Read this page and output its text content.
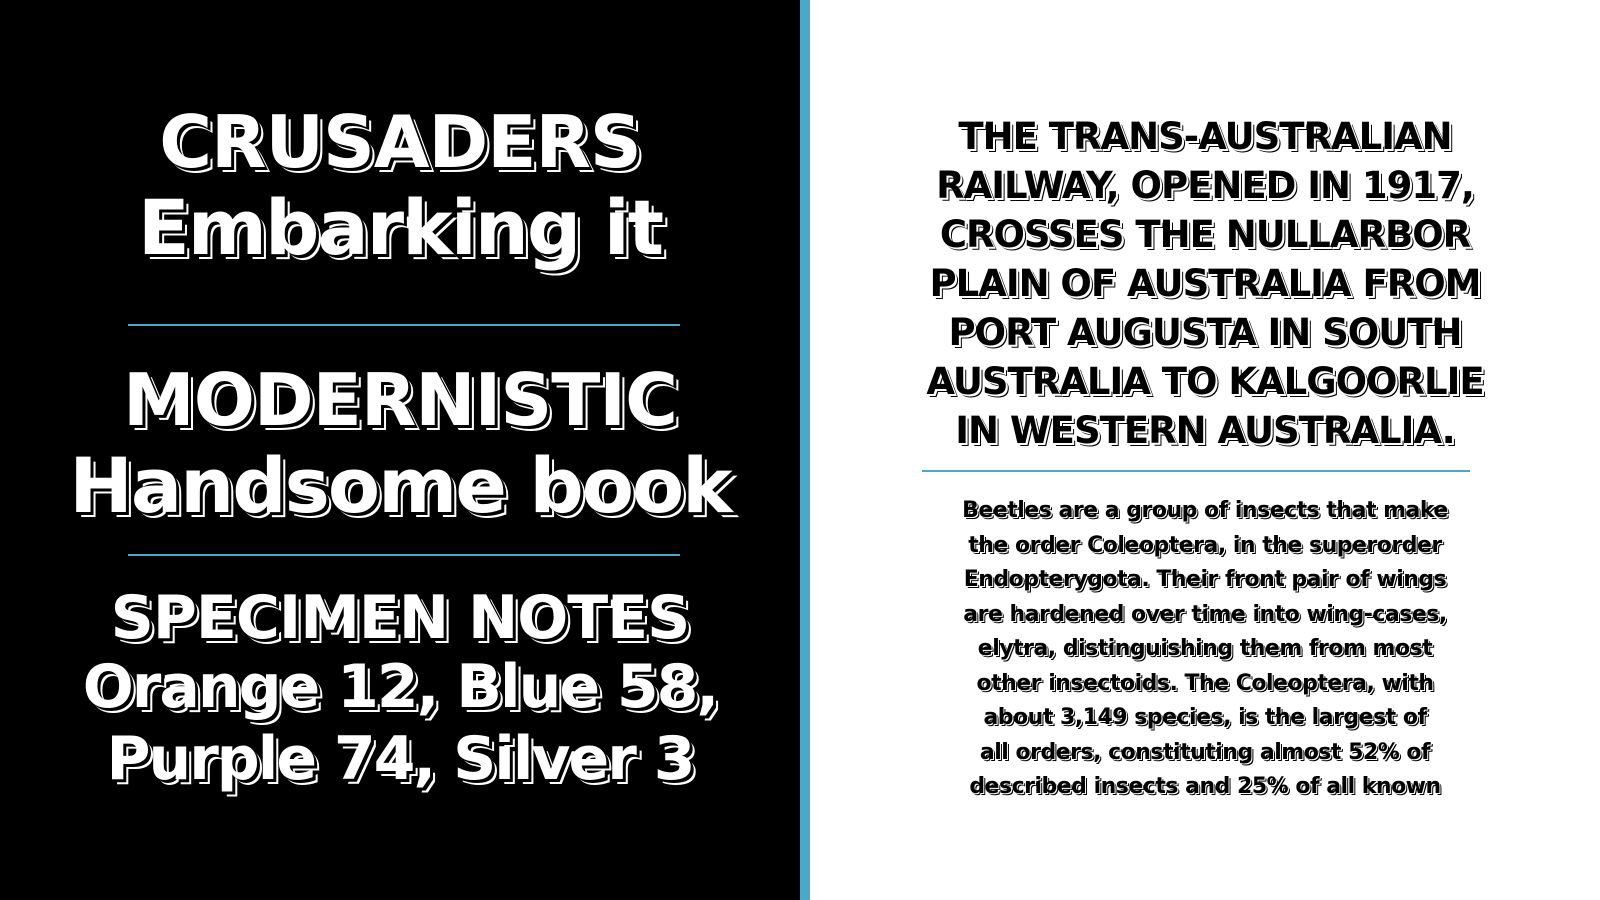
CRUSADERS
Embarking it
MODERNISTIC
Handsome book
SPECIMEN NOTES
Orange 12, Blue 58,
Purple 74, Silver 3
THE TRANS-AUSTRALIAN
RAILWAY, OPENED IN 1917,
CROSSES THE NULLARBOR
PLAIN OF AUSTRALIA FROM
PORT AUGUSTA IN SOUTH
AUSTRALIA TO KALGOORLIE
IN WESTERN AUSTRALIA.
Beetles are a group of insects that make
the order Coleoptera, in the superorder
Endopterygota. Their front pair of wings
are hardened over time into wing-cases,
elytra, distinguishing them from most
other insectoids. The Coleoptera, with
about 3,149 species, is the largest of
all orders, constituting almost 52% of
described insects and 25% of all known
